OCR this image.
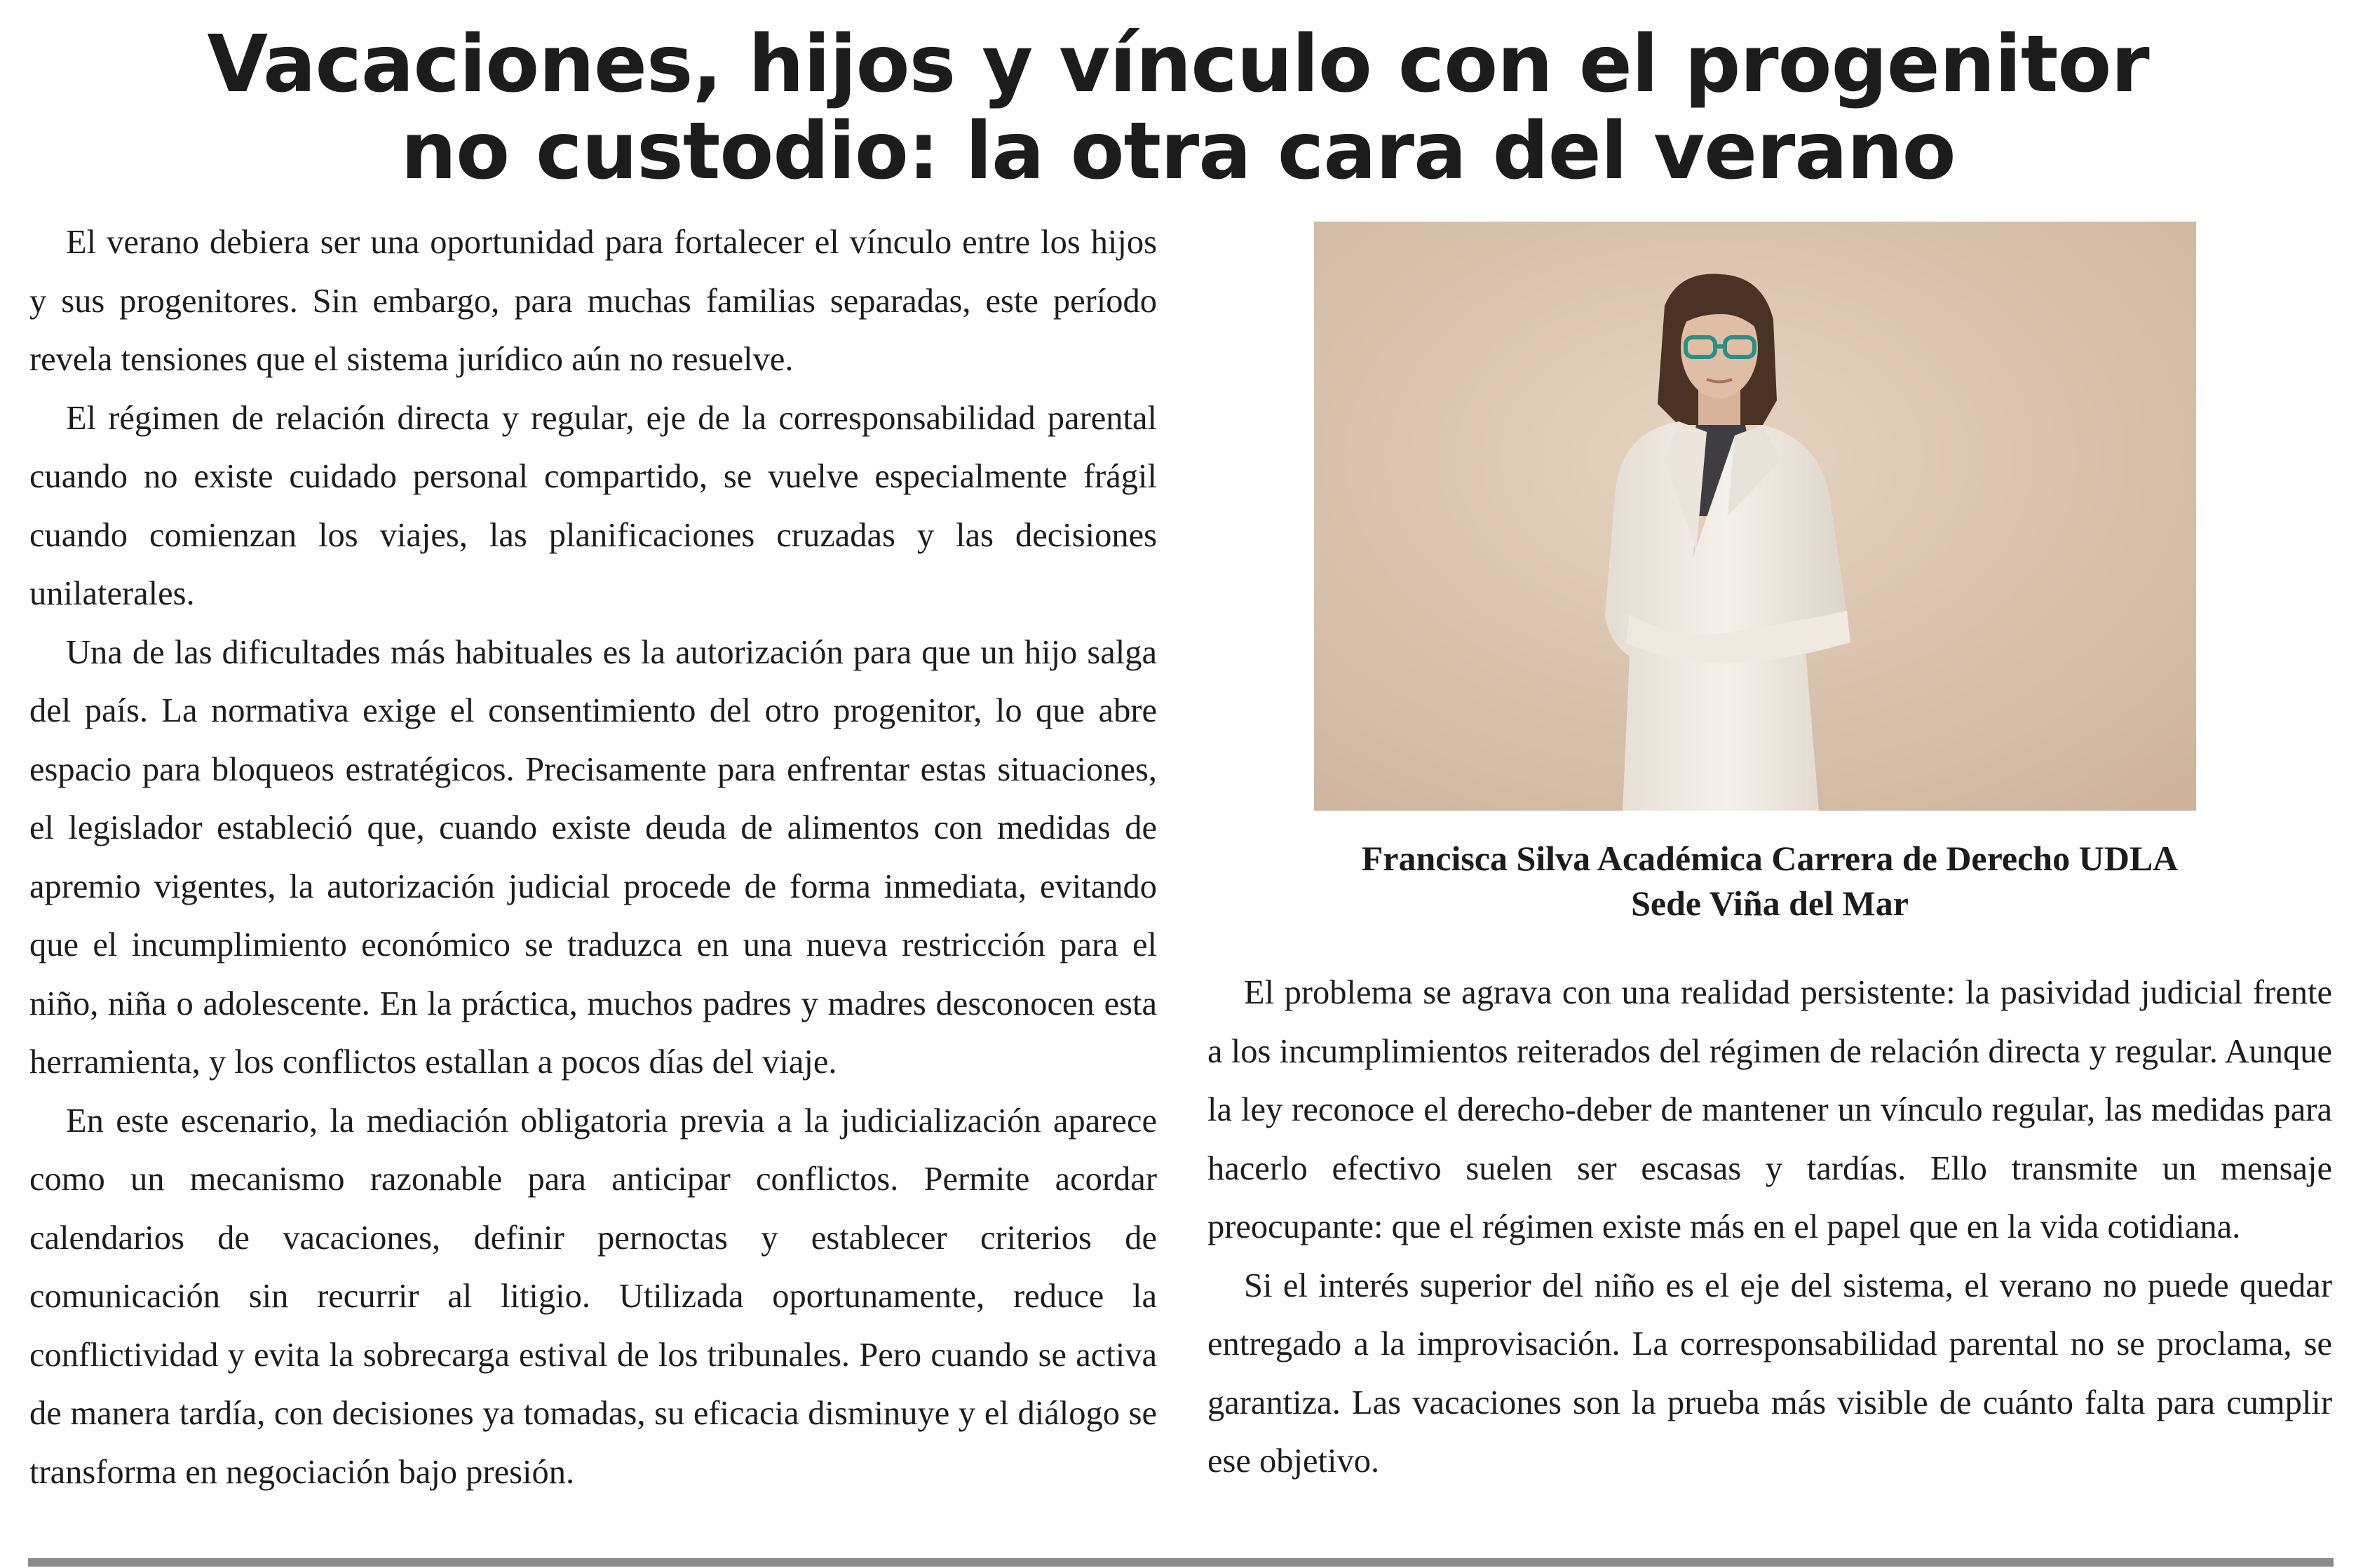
Vacaciones, hijos y vínculo con el progenitor
no custodio: la otra cara del verano

El verano debiera ser una oportunidad para fortalecer el vínculo entre los hijos y sus progenitores. Sin embargo, para muchas familias separadas, este período revela tensiones que el sistema jurídico aún no resuelve.

El régimen de relación directa y regular, eje de la corresponsabilidad parental cuando no existe cuidado personal compartido, se vuelve especialmente frágil cuando comienzan los viajes, las planificaciones cruzadas y las decisiones unilaterales.

Una de las dificultades más habituales es la autorización para que un hijo salga del país. La normativa exige el consentimiento del otro progenitor, lo que abre espacio para bloqueos estratégicos. Precisamente para enfrentar estas situaciones, el legislador estableció que, cuando existe deuda de alimentos con medidas de apremio vigentes, la autorización judicial procede de forma inmediata, evitando que el incumplimiento económico se traduzca en una nueva restricción para el niño, niña o adolescente. En la práctica, muchos padres y madres desconocen esta herramienta, y los conflictos estallan a pocos días del viaje.

En este escenario, la mediación obligatoria previa a la judicialización aparece como un mecanismo razonable para anticipar conflictos. Permite acordar calendarios de vacaciones, definir pernoctas y establecer criterios de comunicación sin recurrir al litigio. Utilizada oportunamente, reduce la conflictividad y evita la sobrecarga estival de los tribunales. Pero cuando se activa de manera tardía, con decisiones ya tomadas, su eficacia disminuye y el diálogo se transforma en negociación bajo presión.

Francisca Silva Académica Carrera de Derecho UDLA
Sede Viña del Mar

El problema se agrava con una realidad persistente: la pasividad judicial frente a los incumplimientos reiterados del régimen de relación directa y regular. Aunque la ley reconoce el derecho-deber de mantener un vínculo regular, las medidas para hacerlo efectivo suelen ser escasas y tardías. Ello transmite un mensaje preocupante: que el régimen existe más en el papel que en la vida cotidiana.

Si el interés superior del niño es el eje del sistema, el verano no puede quedar entregado a la improvisación. La corresponsabilidad parental no se proclama, se garantiza. Las vacaciones son la prueba más visible de cuánto falta para cumplir ese objetivo.
